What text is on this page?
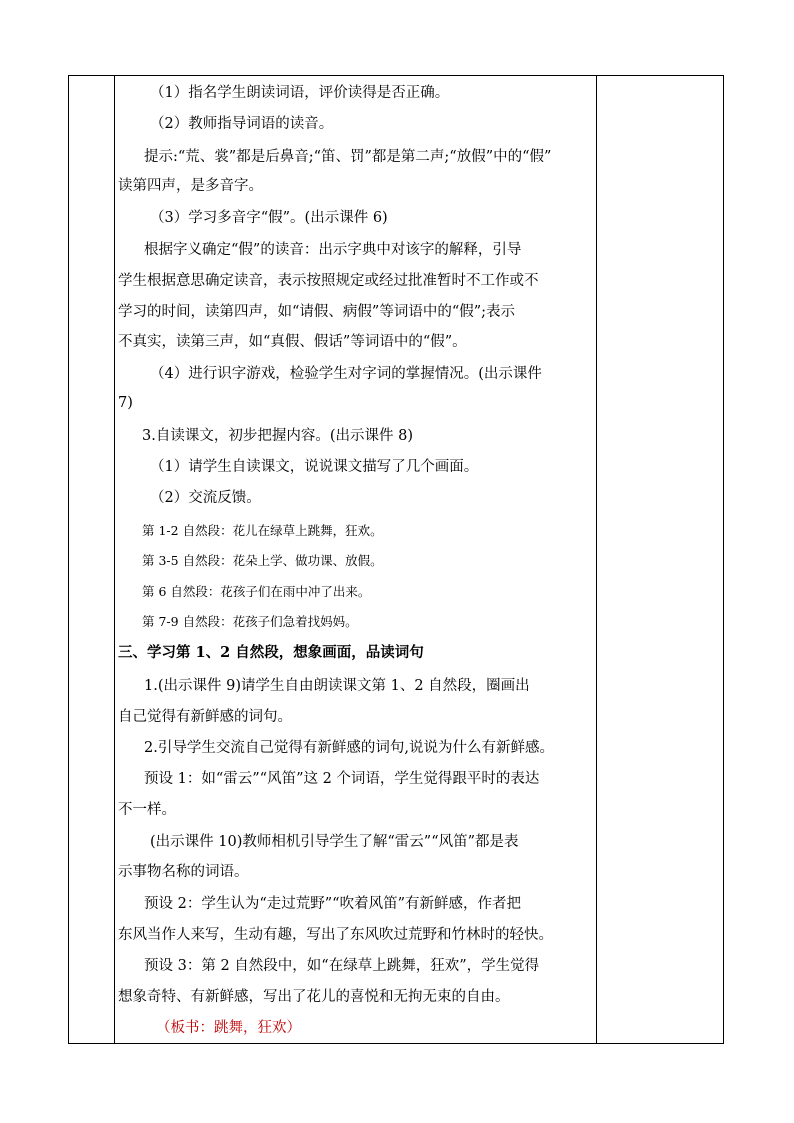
（1）指名学生朗读词语，评价读得是否正确。
（2）教师指导词语的读音。
提示:“荒、裳”都是后鼻音;“笛、罚”都是第二声;“放假”中的“假”
读第四声，是多音字。
（3）学习多音字“假”。(出示课件 6)
根据字义确定“假”的读音：出示字典中对该字的解释，引导
学生根据意思确定读音，表示按照规定或经过批准暂时不工作或不
学习的时间，读第四声，如“请假、病假”等词语中的“假”;表示
不真实，读第三声，如“真假、假话”等词语中的“假”。
（4）进行识字游戏，检验学生对字词的掌握情况。(出示课件
7)
3.自读课文，初步把握内容。(出示课件 8)
（1）请学生自读课文，说说课文描写了几个画面。
（2）交流反馈。
第 1-2 自然段：花儿在绿草上跳舞，狂欢。
第 3-5 自然段：花朵上学、做功课、放假。
第 6 自然段：花孩子们在雨中冲了出来。
第 7-9 自然段：花孩子们急着找妈妈。
三、学习第 1、2 自然段，想象画面，品读词句
1.(出示课件 9)请学生自由朗读课文第 1、2 自然段，圈画出
自己觉得有新鲜感的词句。
2.引导学生交流自己觉得有新鲜感的词句,说说为什么有新鲜感。
预设 1：如“雷云”“风笛”这 2 个词语，学生觉得跟平时的表达
不一样。
(出示课件 10)教师相机引导学生了解“雷云”“风笛”都是表
示事物名称的词语。
预设 2：学生认为“走过荒野”“吹着风笛”有新鲜感，作者把
东风当作人来写，生动有趣，写出了东风吹过荒野和竹林时的轻快。
预设 3：第 2 自然段中，如“在绿草上跳舞，狂欢”，学生觉得
想象奇特、有新鲜感，写出了花儿的喜悦和无拘无束的自由。
（板书：跳舞，狂欢）
